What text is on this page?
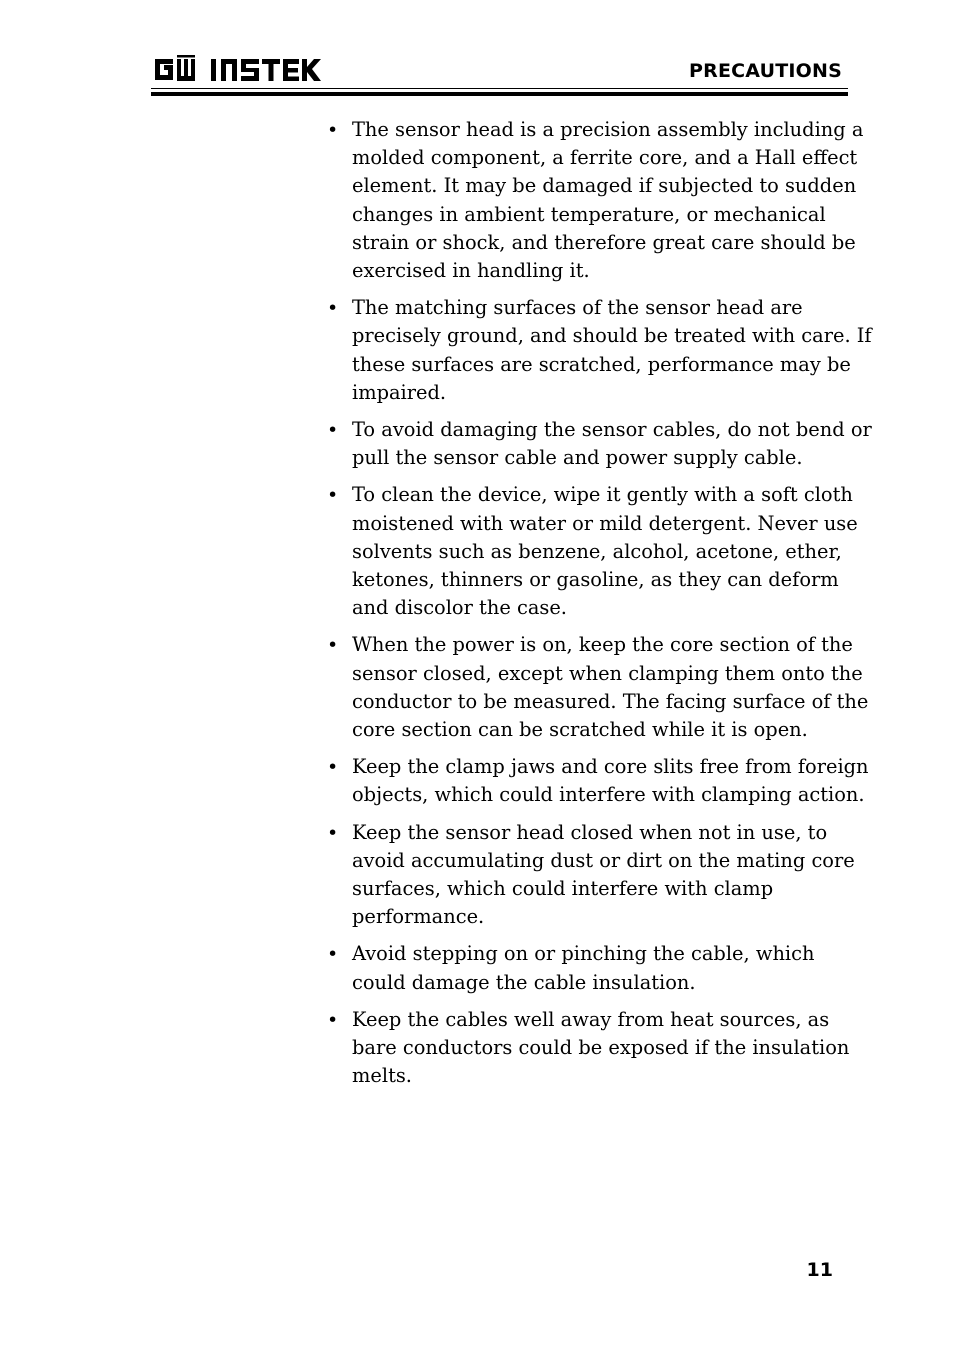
PRECAUTIONS
• The sensor head is a precision assembly including a molded component, a ferrite core, and a Hall effect element. It may be damaged if subjected to sudden changes in ambient temperature, or mechanical strain or shock, and therefore great care should be exercised in handling it.
• The matching surfaces of the sensor head are precisely ground, and should be treated with care. If these surfaces are scratched, performance may be impaired.
• To avoid damaging the sensor cables, do not bend or pull the sensor cable and power supply cable.
• To clean the device, wipe it gently with a soft cloth moistened with water or mild detergent. Never use solvents such as benzene, alcohol, acetone, ether, ketones, thinners or gasoline, as they can deform and discolor the case.
• When the power is on, keep the core section of the sensor closed, except when clamping them onto the conductor to be measured. The facing surface of the core section can be scratched while it is open.
• Keep the clamp jaws and core slits free from foreign objects, which could interfere with clamping action.
• Keep the sensor head closed when not in use, to avoid accumulating dust or dirt on the mating core surfaces, which could interfere with clamp performance.
• Avoid stepping on or pinching the cable, which could damage the cable insulation.
• Keep the cables well away from heat sources, as bare conductors could be exposed if the insulation melts.
11
